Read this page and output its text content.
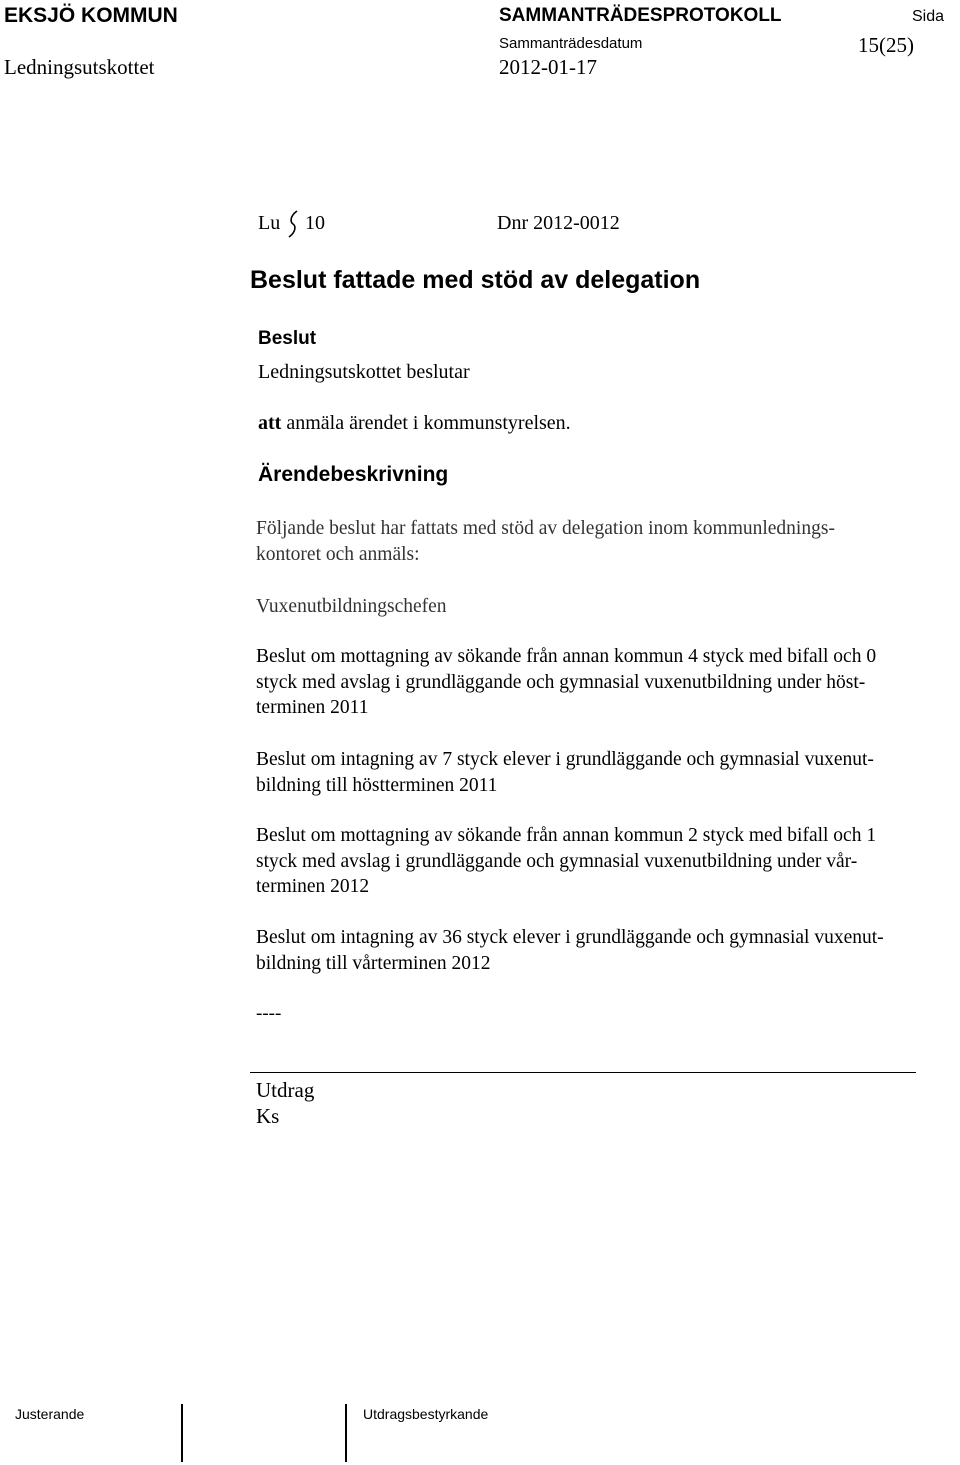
EKSJÖ KOMMUN	SAMMANTRÄDESPROTOKOLL	Sida
Ledningsutskottet
Sammanträdesdatum
2012-01-17
15(25)
Lu 10	Dnr 2012-0012
Beslut fattade med stöd av delegation
Beslut
Ledningsutskottet beslutar
att anmäla ärendet i kommunstyrelsen.
Ärendebeskrivning
Följande beslut har fattats med stöd av delegation inom kommunlednings-
kontoret och anmäls:
Vuxenutbildningschefen
Beslut om mottagning av sökande från annan kommun 4 styck med bifall och 0
styck med avslag i grundläggande och gymnasial vuxenutbildning under höst-
terminen 2011
Beslut om intagning av 7 styck elever i grundläggande och gymnasial vuxenut-
bildning till höstterminen 2011
Beslut om mottagning av sökande från annan kommun 2 styck med bifall och 1
styck med avslag i grundläggande och gymnasial vuxenutbildning under vår-
terminen 2012
Beslut om intagning av 36 styck elever i grundläggande och gymnasial vuxenut-
bildning till vårterminen 2012
----
Utdrag
Ks
Justerande	Utdragsbestyrkande
